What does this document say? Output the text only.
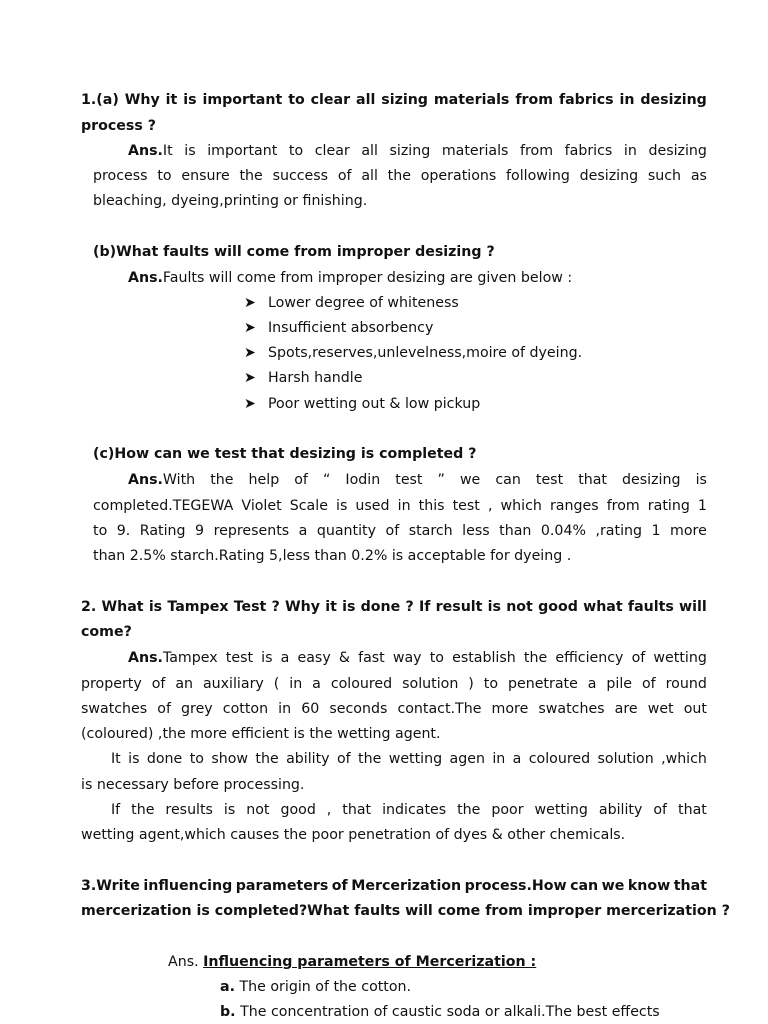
1.(a) Why it is important to clear all sizing materials from fabrics in desizing
process ?
Ans.It is important to clear all sizing materials from fabrics in desizing
process to ensure the success of all the operations following desizing such as
bleaching, dyeing,printing or finishing.
(b)What faults will come from improper desizing ?
Ans.Faults will come from improper desizing are given below :
➤ Lower degree of whiteness
➤ Insufficient absorbency
➤ Spots,reserves,unlevelness,moire of dyeing.
➤ Harsh handle
➤ Poor wetting out & low pickup
(c)How can we test that desizing is completed ?
Ans.With the help of “ Iodin test ” we can test that desizing is
completed.TEGEWA Violet Scale is used in this test , which ranges from rating 1
to 9. Rating 9 represents a quantity of starch less than 0.04% ,rating 1 more
than 2.5% starch.Rating 5,less than 0.2% is acceptable for dyeing .
2. What is Tampex Test ? Why it is done ? If result is not good what faults will
come?
Ans.Tampex test is a easy & fast way to establish the efficiency of wetting
property of an auxiliary ( in a coloured solution ) to penetrate a pile of round
swatches of grey cotton in 60 seconds contact.The more swatches are wet out
(coloured) ,the more efficient is the wetting agent.
It is done to show the ability of the wetting agen in a coloured solution ,which
is necessary before processing.
If the results is not good , that indicates the poor wetting ability of that
wetting agent,which causes the poor penetration of dyes & other chemicals.
3.Write influencing parameters of Mercerization process.How can we know that
mercerization is completed?What faults will come from improper mercerization ?
Ans. Influencing parameters of Mercerization :
a. The origin of the cotton.
b. The concentration of caustic soda or alkali.The best effects
